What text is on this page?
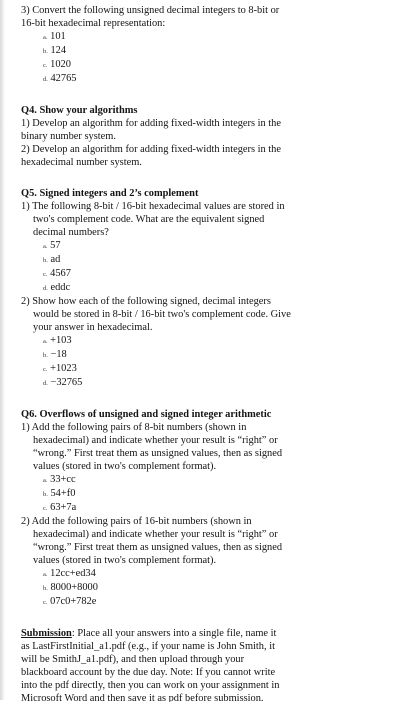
3) Convert the following unsigned decimal integers to 8-bit or

16-bit hexadecimal representation:

a. 101

b. 124

c. 1020

d. 42765

Q4. Show your algorithms

1) Develop an algorithm for adding fixed-width integers in the

binary number system.

2) Develop an algorithm for adding fixed-width integers in the

hexadecimal number system.

Q5. Signed integers and 2’s complement

1) The following 8-bit / 16-bit hexadecimal values are stored in

two's complement code. What are the equivalent signed

decimal numbers?

a. 57

b. ad

c. 4567

d. eddc

2) Show how each of the following signed, decimal integers

would be stored in 8-bit / 16-bit two's complement code. Give

your answer in hexadecimal.

a. +103

b. −18

c. +1023

d. −32765

Q6. Overflows of unsigned and signed integer arithmetic

1) Add the following pairs of 8-bit numbers (shown in

hexadecimal) and indicate whether your result is “right” or

“wrong.” First treat them as unsigned values, then as signed

values (stored in two's complement format).

a. 33+cc

b. 54+f0

c. 63+7a

2) Add the following pairs of 16-bit numbers (shown in

hexadecimal) and indicate whether your result is “right” or

“wrong.” First treat them as unsigned values, then as signed

values (stored in two's complement format).

a. 12cc+ed34

b. 8000+8000

c. 07c0+782e

Submission: Place all your answers into a single file, name it

as LastFirstInitial_a1.pdf (e.g., if your name is John Smith, it

will be SmithJ_a1.pdf), and then upload through your

blackboard account by the due day. Note: If you cannot write

into the pdf directly, then you can work on your assignment in

Microsoft Word and then save it as pdf before submission.
